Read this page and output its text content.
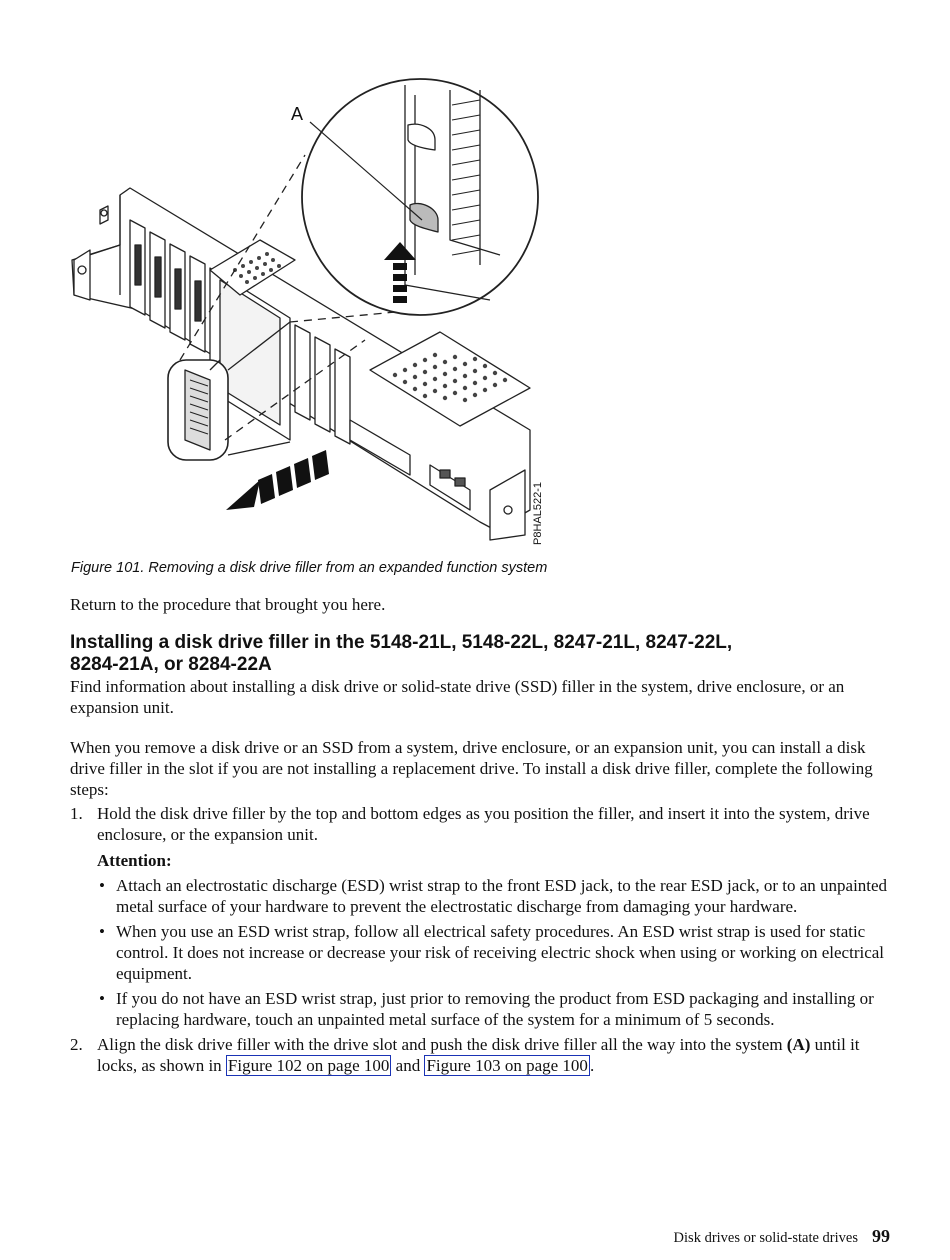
A
P8HAL522-1
Figure 101. Removing a disk drive filler from an expanded function system
Return to the procedure that brought you here.
Installing a disk drive filler in the 5148-21L, 5148-22L, 8247-21L, 8247-22L,
8284-21A, or 8284-22A
Find information about installing a disk drive or solid-state drive (SSD) filler in the system, drive enclosure, or an expansion unit.
When you remove a disk drive or an SSD from a system, drive enclosure, or an expansion unit, you can install a disk drive filler in the slot if you are not installing a replacement drive. To install a disk drive filler, complete the following steps:
1. Hold the disk drive filler by the top and bottom edges as you position the filler, and insert it into the system, drive enclosure, or the expansion unit.
Attention:
• Attach an electrostatic discharge (ESD) wrist strap to the front ESD jack, to the rear ESD jack, or to an unpainted metal surface of your hardware to prevent the electrostatic discharge from damaging your hardware.
• When you use an ESD wrist strap, follow all electrical safety procedures. An ESD wrist strap is used for static control. It does not increase or decrease your risk of receiving electric shock when using or working on electrical equipment.
• If you do not have an ESD wrist strap, just prior to removing the product from ESD packaging and installing or replacing hardware, touch an unpainted metal surface of the system for a minimum of 5 seconds.
2. Align the disk drive filler with the drive slot and push the disk drive filler all the way into the system (A) until it locks, as shown in Figure 102 on page 100 and Figure 103 on page 100 .
Disk drives or solid-state drives 99
